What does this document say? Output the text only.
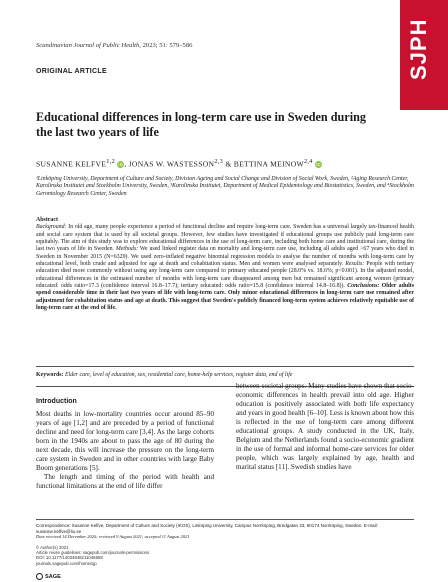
Scandinavian Journal of Public Health, 2023; 51: 579–586	SJPH
ORIGINAL ARTICLE
Educational differences in long-term care use in Sweden during the last two years of life
SUSANNE KELFVE$^{1,2}$ iD, JONAS W. WASTESSON$^{2,3}$ & BETTINA MEINOW$^{2,4}$ iD
¹Linköping University, Department of Culture and Society, Division Ageing and Social Change and Division of Social Work, Sweden, ²Aging Research Center, Karolinska Institutet and Stockholm University, Sweden, ³Karolinska Institutet, Department of Medical Epidemiology and Biostatistics, Sweden, and ⁴Stockholm Gerontology Research Center, Sweden
Abstract
Background: In old age, many people experience a period of functional decline and require long-term care. Sweden has a universal largely tax-financed health and social care system that is used by all societal groups. However, few studies have investigated if educational groups use publicly paid long-term care equitably. The aim of this study was to explore educational differences in the use of long-term care, including both home care and institutional care, during the last two years of life in Sweden. Methods: We used linked register data on mortality and long-term care use, including all adults aged >67 years who died in Sweden in November 2015 (N=6329). We used zero-inflated negative binomial regression models to analyse the number of months with long-term care by educational level, both crude and adjusted for age at death and cohabitation status. Men and women were analysed separately. Results: People with tertiary education died more commonly without using any long-term care compared to primary educated people (28.0% vs. 18.6%; p<0.001). In the adjusted model, educational differences in the estimated number of months with long-term care disappeared among men but remained significant among women (primary educated: odds ratio=17.3 (confidence interval 16.8–17.7); tertiary educated: odds ratio=15.8 (confidence interval 14.8–16.8)). Conclusions: Older adults spend considerable time in their last two years of life with long-term care. Only minor educational differences in long-term care use remained after adjustment for cohabitation status and age at death. This suggest that Sweden's publicly financed long-term system achieves relatively equitable use of long-term care at the end of life.
Keywords: Elder care, level of education, sex, residential care, home-help services, register data, end of life
Introduction

Most deaths in low-mortality countries occur around 85–90 years of age [1,2] and are preceded by a period of functional decline and need for long-term care [3,4]. As the large cohorts born in the 1940s are about to pass the age of 80 during the next decade, this will increase the pressure on the long-term care system in Sweden and in other countries with large Baby Boom generations [5].

The length and timing of the period with health and functional limitations at the end of life differ

between societal groups. Many studies have shown that socio-economic differences in health prevail into old age. Higher education is positively associated with both life expectancy and years in good health [6–10]. Less is known about how this is reflected in the use of long-term care among different educational groups. A study conducted in the UK, Italy, Belgium and the Netherlands found a socio-economic gradient in the use of formal and informal home-care services for older people, which was largely explained by age, health and marital status [11]. Swedish studies have

Correspondence: Susanne Kelfve, Department of Culture and Society (IKOS), Linköping University, Campus Norrköping, Bredgatan 33, 60174 Norrköping, Sweden. E-mail: susanne.kelfve@liu.se
Date received 14 December 2020; reviewed 9 August 2021; accepted 11 August 2021
© Author(s) 2021
Article reuse guidelines: sagepub.com/journals-permissions
DOI: 10.1177/14034948211045658
journals.sagepub.com/home/sjp
SAGE
